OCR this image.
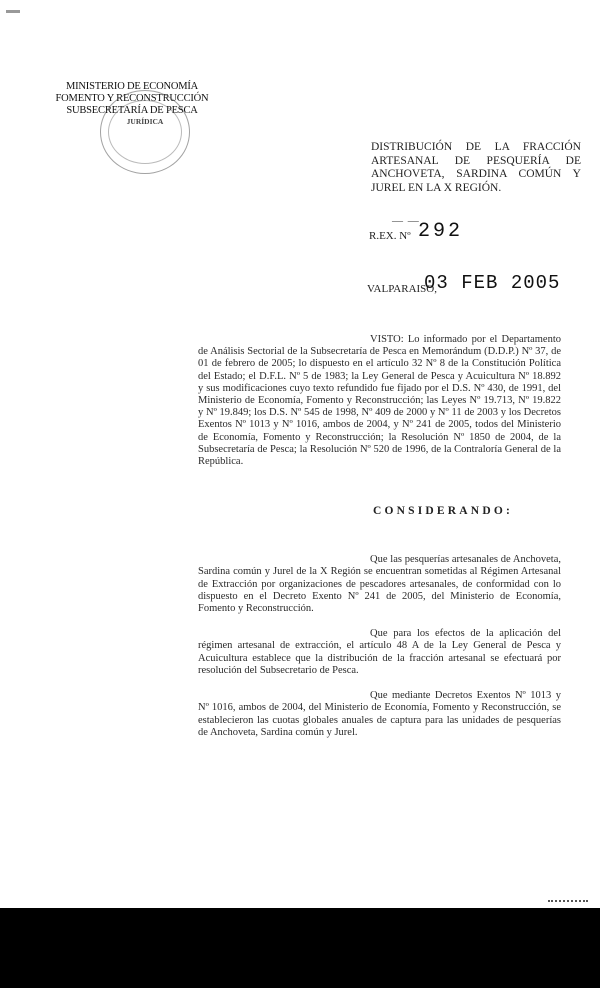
MINISTERIO DE ECONOMÍA
FOMENTO Y RECONSTRUCCIÓN
SUBSECRETARÍA DE PESCA
JURÍDICA
DISTRIBUCIÓN DE LA FRACCIÓN ARTESANAL DE PESQUERÍA DE ANCHOVETA, SARDINA COMÚN Y JUREL EN LA X REGIÓN.
— —
R.EX. Nº 292
VALPARAISO,
03 FEB 2005
VISTO: Lo informado por el Departamento de Análisis Sectorial de la Subsecretaría de Pesca en Memorándum (D.D.P.) Nº 37, de 01 de febrero de 2005; lo dispuesto en el artículo 32 Nº 8 de la Constitución Política del Estado; el D.F.L. Nº 5 de 1983; la Ley General de Pesca y Acuicultura Nº 18.892 y sus modificaciones cuyo texto refundido fue fijado por el D.S. Nº 430, de 1991, del Ministerio de Economía, Fomento y Reconstrucción; las Leyes Nº 19.713, Nº 19.822 y Nº 19.849; los D.S. Nº 545 de 1998, Nº 409 de 2000 y Nº 11 de 2003 y los Decretos Exentos Nº 1013 y Nº 1016, ambos de 2004, y Nº 241 de 2005, todos del Ministerio de Economía, Fomento y Reconstrucción; la Resolución Nº 1850 de 2004, de la Subsecretaría de Pesca; la Resolución Nº 520 de 1996, de la Contraloría General de la República.
CONSIDERANDO:
Que las pesquerías artesanales de Anchoveta, Sardina común y Jurel de la X Región se encuentran sometidas al Régimen Artesanal de Extracción por organizaciones de pescadores artesanales, de conformidad con lo dispuesto en el Decreto Exento Nº 241 de 2005, del Ministerio de Economía, Fomento y Reconstrucción.
Que para los efectos de la aplicación del régimen artesanal de extracción, el artículo 48 A de la Ley General de Pesca y Acuicultura establece que la distribución de la fracción artesanal se efectuará por resolución del Subsecretario de Pesca.
Que mediante Decretos Exentos Nº 1013 y Nº 1016, ambos de 2004, del Ministerio de Economía, Fomento y Reconstrucción, se establecieron las cuotas globales anuales de captura para las unidades de pesquerías de Anchoveta, Sardina común y Jurel.
